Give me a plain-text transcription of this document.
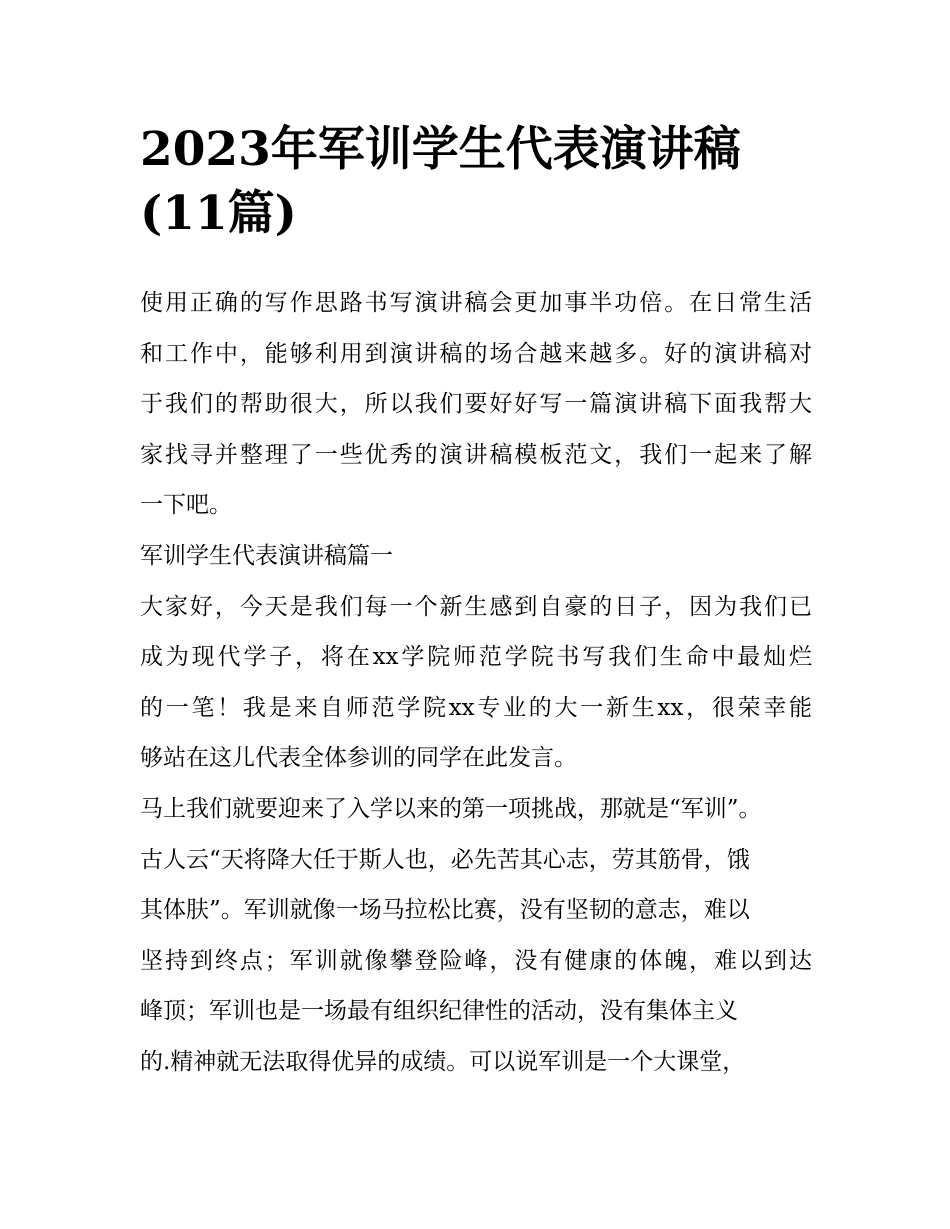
2023年军训学生代表演讲稿
(11篇)
使用正确的写作思路书写演讲稿会更加事半功倍。在日常生活
和工作中，能够利用到演讲稿的场合越来越多。好的演讲稿对
于我们的帮助很大，所以我们要好好写一篇演讲稿下面我帮大
家找寻并整理了一些优秀的演讲稿模板范文，我们一起来了解
一下吧。
军训学生代表演讲稿篇一
大家好，今天是我们每一个新生感到自豪的日子，因为我们已
成为现代学子，将在xx学院师范学院书写我们生命中最灿烂
的一笔！我是来自师范学院xx专业的大一新生xx，很荣幸能
够站在这儿代表全体参训的同学在此发言。
马上我们就要迎来了入学以来的第一项挑战，那就是“军训”。
古人云“天将降大任于斯人也，必先苦其心志，劳其筋骨，饿
其体肤”。军训就像一场马拉松比赛，没有坚韧的意志，难以
坚持到终点；军训就像攀登险峰，没有健康的体魄，难以到达
峰顶；军训也是一场最有组织纪律性的活动，没有集体主义
的.精神就无法取得优异的成绩。可以说军训是一个大课堂，
